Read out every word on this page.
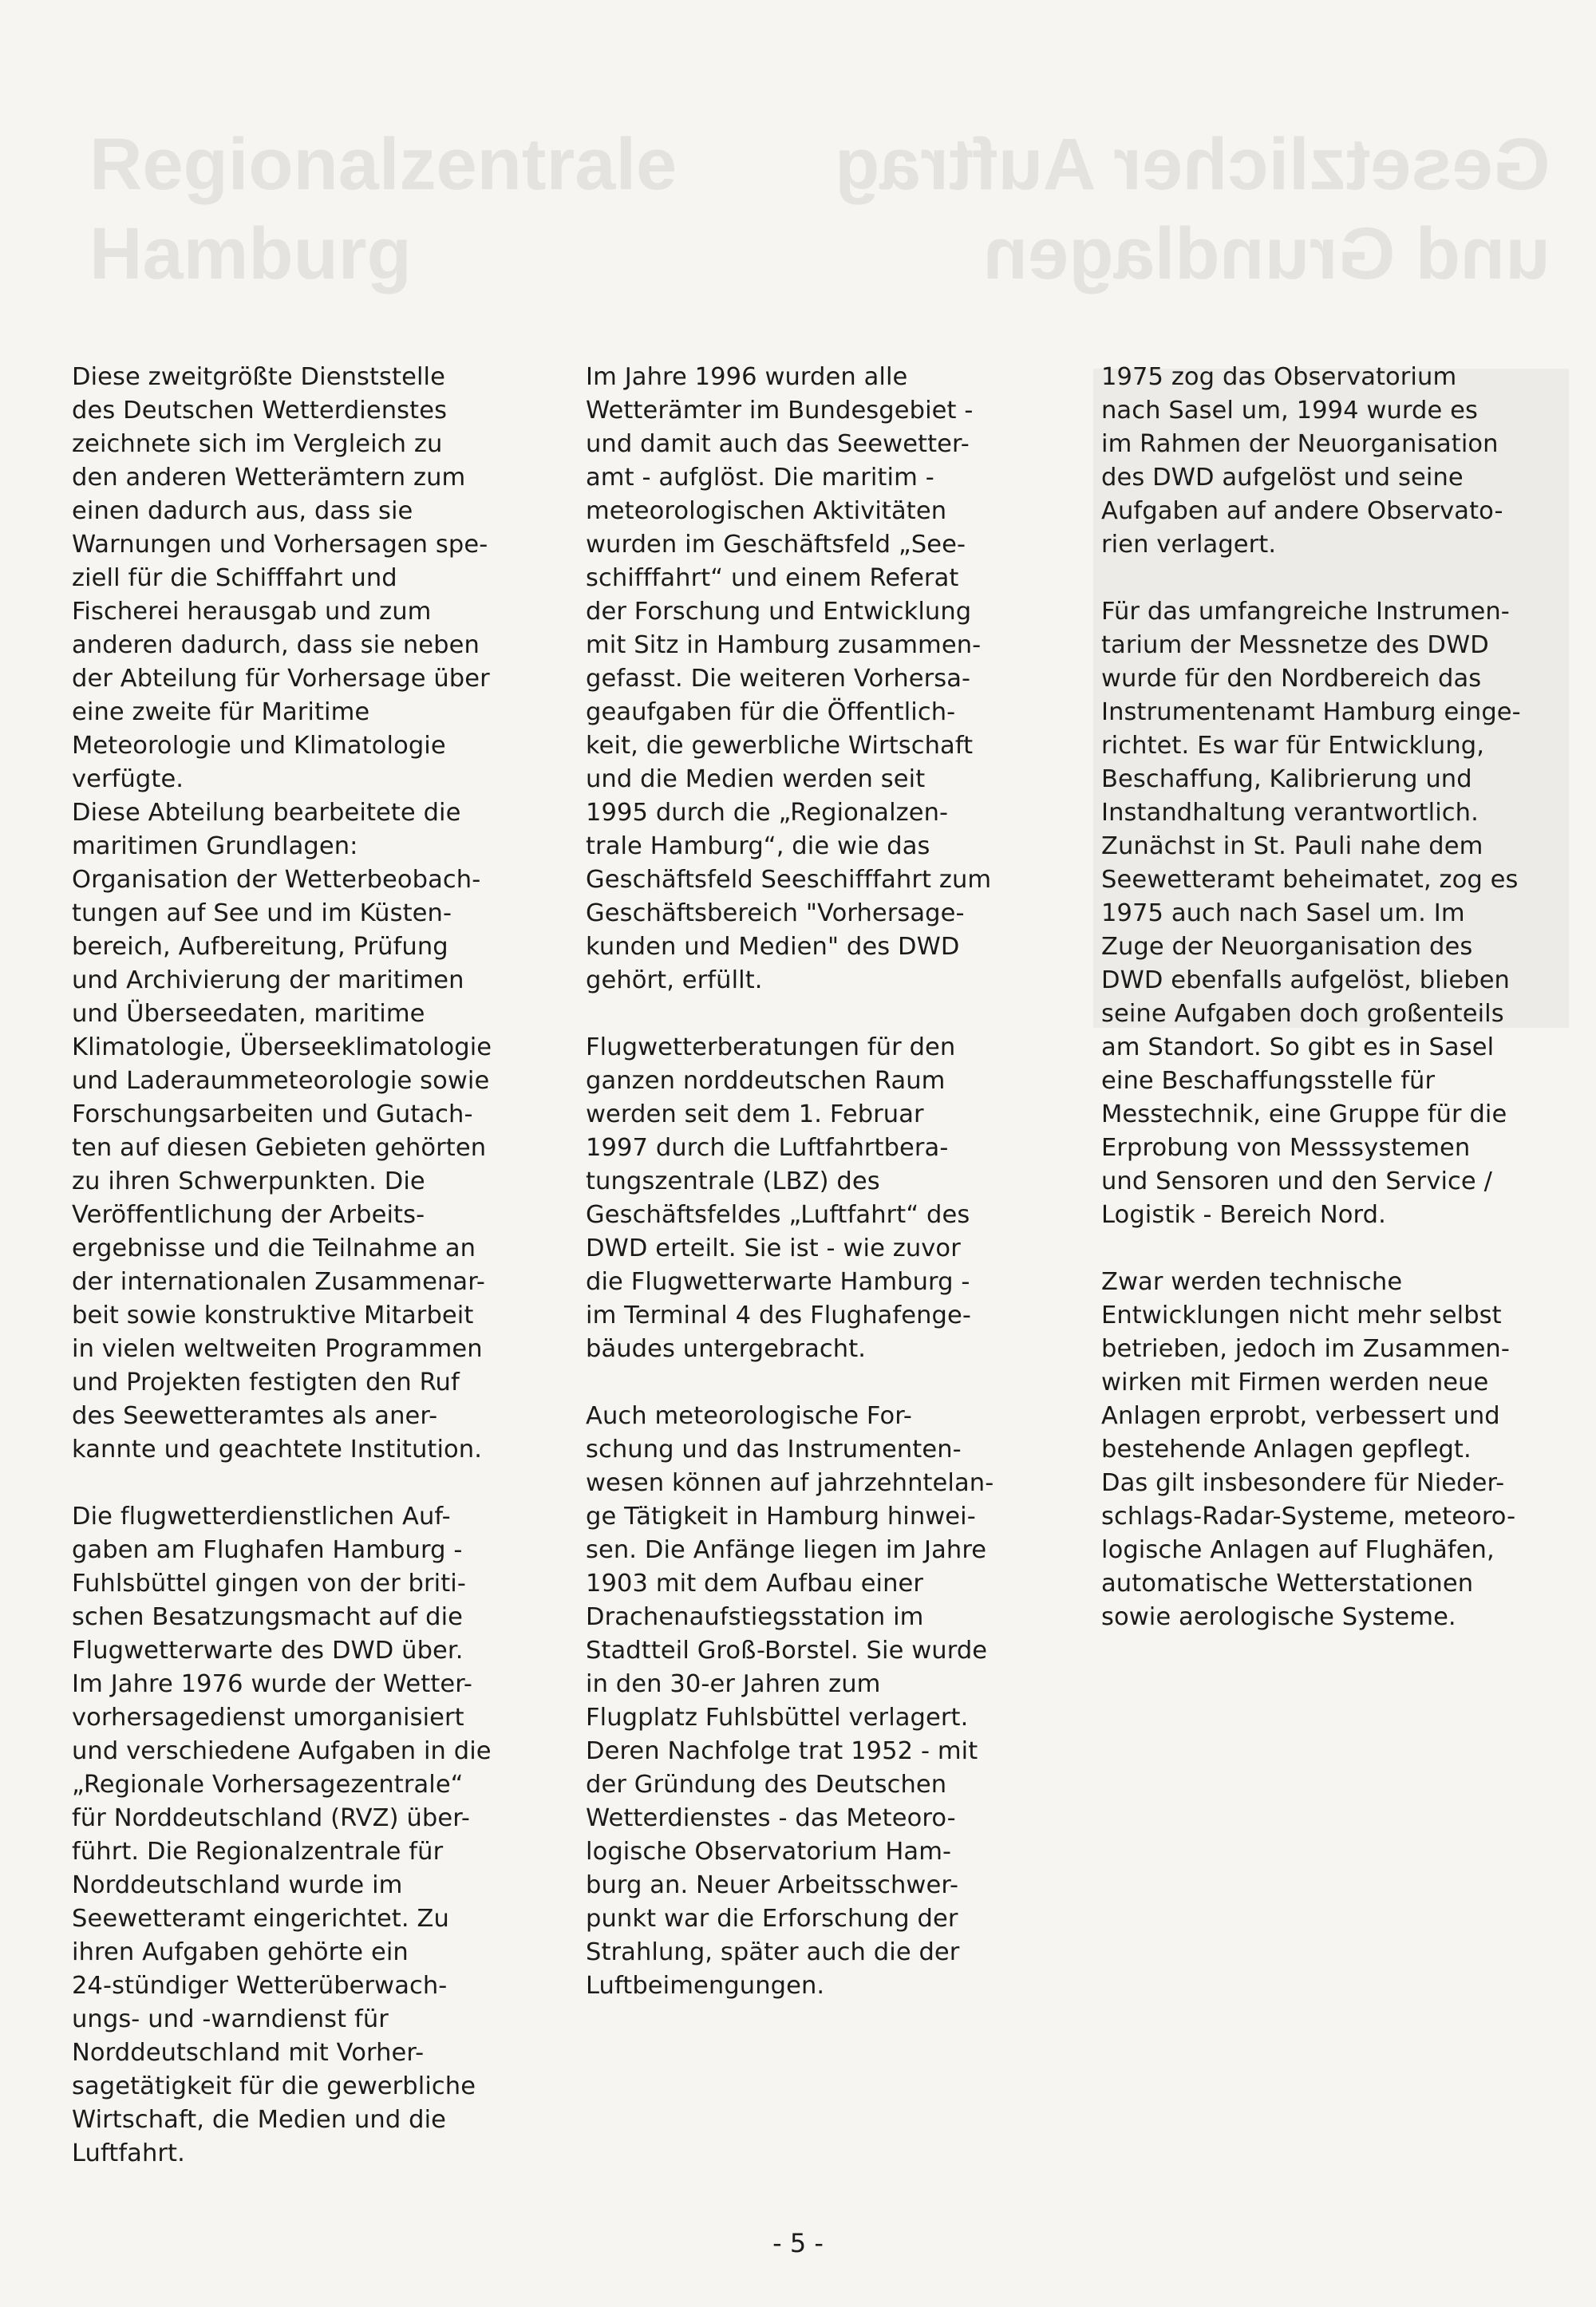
Regionalzentrale
Hamburg
Gesetzlicher Auftrag
und Grundlagen

Diese zweitgrößte Dienststelle
des Deutschen Wetterdienstes
zeichnete sich im Vergleich zu
den anderen Wetterämtern zum
einen dadurch aus, dass sie
Warnungen und Vorhersagen spe-
ziell für die Schifffahrt und
Fischerei herausgab und zum
anderen dadurch, dass sie neben
der Abteilung für Vorhersage über
eine zweite für Maritime
Meteorologie und Klimatologie
verfügte.

Diese Abteilung bearbeitete die
maritimen Grundlagen:
Organisation der Wetterbeobach-
tungen auf See und im Küsten-
bereich, Aufbereitung, Prüfung
und Archivierung der maritimen
und Überseedaten, maritime
Klimatologie, Überseeklimatologie
und Laderaummeteorologie sowie
Forschungsarbeiten und Gutach-
ten auf diesen Gebieten gehörten
zu ihren Schwerpunkten. Die
Veröffentlichung der Arbeits-
ergebnisse und die Teilnahme an
der internationalen Zusammenar-
beit sowie konstruktive Mitarbeit
in vielen weltweiten Programmen
und Projekten festigten den Ruf
des Seewetteramtes als aner-
kannte und geachtete Institution.

Die flugwetterdienstlichen Auf-
gaben am Flughafen Hamburg -
Fuhlsbüttel gingen von der briti-
schen Besatzungsmacht auf die
Flugwetterwarte des DWD über.
Im Jahre 1976 wurde der Wetter-
vorhersagedienst umorganisiert
und verschiedene Aufgaben in die
„Regionale Vorhersagezentrale“
für Norddeutschland (RVZ) über-
führt. Die Regionalzentrale für
Norddeutschland wurde im
Seewetteramt eingerichtet. Zu
ihren Aufgaben gehörte ein
24-stündiger Wetterüberwach-
ungs- und -warndienst für
Norddeutschland mit Vorher-
sagetätigkeit für die gewerbliche
Wirtschaft, die Medien und die
Luftfahrt.

Im Jahre 1996 wurden alle
Wetterämter im Bundesgebiet -
und damit auch das Seewetter-
amt - aufglöst. Die maritim -
meteorologischen Aktivitäten
wurden im Geschäftsfeld „See-
schifffahrt“ und einem Referat
der Forschung und Entwicklung
mit Sitz in Hamburg zusammen-
gefasst. Die weiteren Vorhersa-
geaufgaben für die Öffentlich-
keit, die gewerbliche Wirtschaft
und die Medien werden seit
1995 durch die „Regionalzen-
trale Hamburg“, die wie das
Geschäftsfeld Seeschifffahrt zum
Geschäftsbereich "Vorhersage-
kunden und Medien" des DWD
gehört, erfüllt.

Flugwetterberatungen für den
ganzen norddeutschen Raum
werden seit dem 1. Februar
1997 durch die Luftfahrtbera-
tungszentrale (LBZ) des
Geschäftsfeldes „Luftfahrt“ des
DWD erteilt. Sie ist - wie zuvor
die Flugwetterwarte Hamburg -
im Terminal 4 des Flughafenge-
bäudes untergebracht.

Auch meteorologische For-
schung und das Instrumenten-
wesen können auf jahrzehntelan-
ge Tätigkeit in Hamburg hinwei-
sen. Die Anfänge liegen im Jahre
1903 mit dem Aufbau einer
Drachenaufstiegsstation im
Stadtteil Groß-Borstel. Sie wurde
in den 30-er Jahren zum
Flugplatz Fuhlsbüttel verlagert.
Deren Nachfolge trat 1952 - mit
der Gründung des Deutschen
Wetterdienstes - das Meteoro-
logische Observatorium Ham-
burg an. Neuer Arbeitsschwer-
punkt war die Erforschung der
Strahlung, später auch die der
Luftbeimengungen.

1975 zog das Observatorium
nach Sasel um, 1994 wurde es
im Rahmen der Neuorganisation
des DWD aufgelöst und seine
Aufgaben auf andere Observato-
rien verlagert.

Für das umfangreiche Instrumen-
tarium der Messnetze des DWD
wurde für den Nordbereich das
Instrumentenamt Hamburg einge-
richtet. Es war für Entwicklung,
Beschaffung, Kalibrierung und
Instandhaltung verantwortlich.
Zunächst in St. Pauli nahe dem
Seewetteramt beheimatet, zog es
1975 auch nach Sasel um. Im
Zuge der Neuorganisation des
DWD ebenfalls aufgelöst, blieben
seine Aufgaben doch großenteils
am Standort. So gibt es in Sasel
eine Beschaffungsstelle für
Messtechnik, eine Gruppe für die
Erprobung von Messsystemen
und Sensoren und den Service /
Logistik - Bereich Nord.

Zwar werden technische
Entwicklungen nicht mehr selbst
betrieben, jedoch im Zusammen-
wirken mit Firmen werden neue
Anlagen erprobt, verbessert und
bestehende Anlagen gepflegt.
Das gilt insbesondere für Nieder-
schlags-Radar-Systeme, meteoro-
logische Anlagen auf Flughäfen,
automatische Wetterstationen
sowie aerologische Systeme.

- 5 -
